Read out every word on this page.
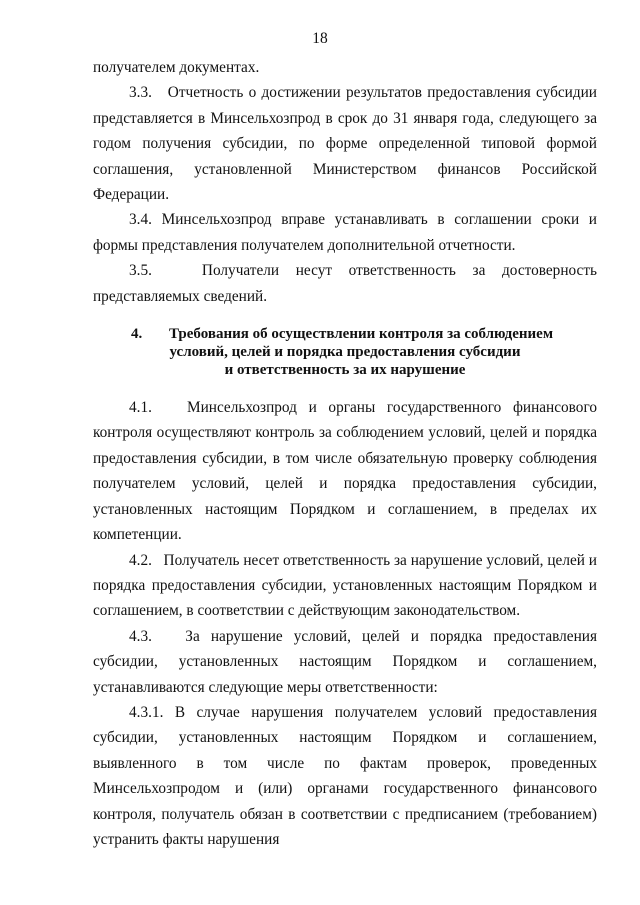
18

получателем документах.

3.3.   Отчетность о достижении результатов предоставления субсидии представляется в Минсельхозпрод в срок до 31 января года, следующего за годом получения субсидии, по форме определенной типовой формой соглашения, установленной Министерством финансов Российской Федерации.

3.4. Минсельхозпрод вправе устанавливать в соглашении сроки и формы представления получателем дополнительной отчетности.

3.5.   Получатели несут ответственность за достоверность представляемых сведений.

4. Требования об осуществлении контроля за соблюдением
условий, целей и порядка предоставления субсидии
и ответственность за их нарушение

4.1.   Минсельхозпрод и органы государственного финансового контроля осуществляют контроль за соблюдением условий, целей и порядка предоставления субсидии, в том числе обязательную проверку соблюдения получателем условий, целей и порядка предоставления субсидии, установленных настоящим Порядком и соглашением, в пределах их компетенции.

4.2.   Получатель несет ответственность за нарушение условий, целей и порядка предоставления субсидии, установленных настоящим Порядком и соглашением, в соответствии с действующим законодательством.

4.3.   За нарушение условий, целей и порядка предоставления субсидии, установленных настоящим Порядком и соглашением, устанавливаются следующие меры ответственности:

4.3.1. В случае нарушения получателем условий предоставления субсидии, установленных настоящим Порядком и соглашением, выявленного в том числе по фактам проверок, проведенных Минсельхозпродом и (или) органами государственного финансового контроля, получатель обязан в соответствии с предписанием (требованием) устранить факты нарушения
